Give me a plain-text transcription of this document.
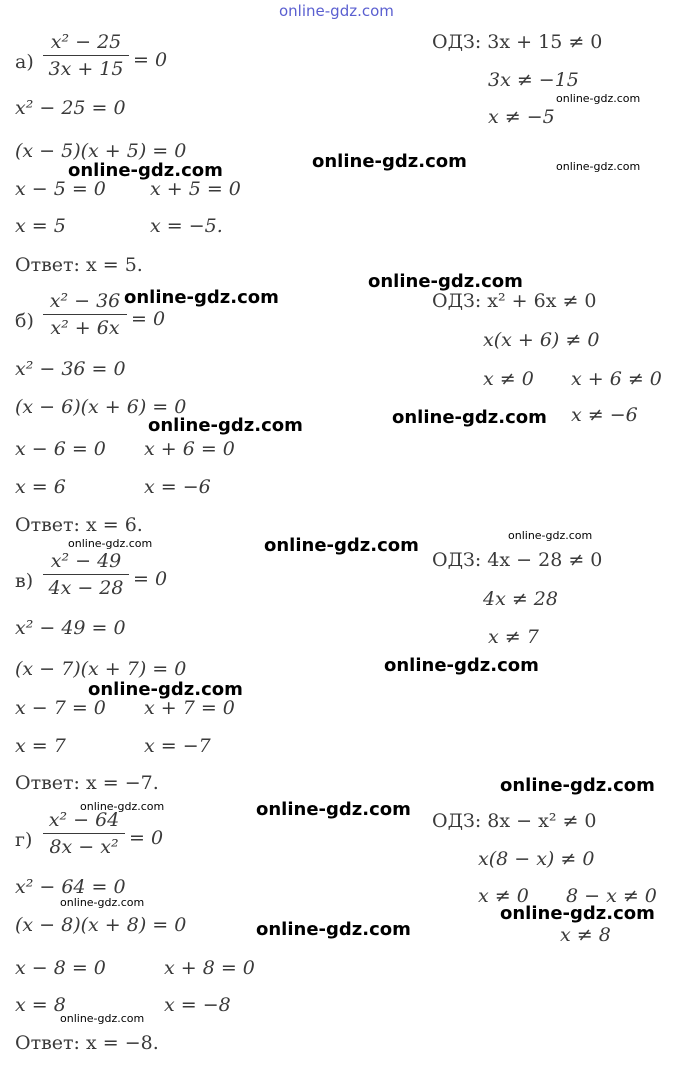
online-gdz.com
а)
x² − 25
3x + 15 = 0
x² − 25 = 0
(x − 5)(x + 5) = 0
x − 5 = 0 x + 5 = 0
x = 5	x = −5.
Ответ: x = 5.
ОДЗ: 3x + 15 ≠ 0
3x ≠ −15
x ≠ −5
б)
x² − 36
x² + 6x = 0
x² − 36 = 0
(x − 6)(x + 6) = 0
x − 6 = 0 x + 6 = 0
x = 6	x = −6
Ответ: x = 6.
ОДЗ: x² + 6x ≠ 0
x(x + 6) ≠ 0
x ≠ 0 x + 6 ≠ 0
x ≠ −6
в)
x² − 49
4x − 28 = 0
x² − 49 = 0
(x − 7)(x + 7) = 0
x − 7 = 0 x + 7 = 0
x = 7	x = −7
Ответ: x = −7.
ОДЗ: 4x − 28 ≠ 0
4x ≠ 28
x ≠ 7
г)
x² − 64
8x − x² = 0
x² − 64 = 0
(x − 8)(x + 8) = 0
x − 8 = 0	x + 8 = 0
x = 8	x = −8
Ответ: x = −8.
ОДЗ: 8x − x² ≠ 0
x(8 − x) ≠ 0
x ≠ 0 8 − x ≠ 0
x ≠ 8
online-gdz.com	online-gdz.com
online-gdz.com
online-gdz.com
online-gdz.com
online-gdz.com
online-gdz.com
online-gdz.com
online-gdz.com
online-gdz.com	online-gdz.com
online-gdz.com
online-gdz.com
online-gdz.com
online-gdz.com	online-gdz.com
online-gdz.com
online-gdz.com
online-gdz.com
online-gdz.com
